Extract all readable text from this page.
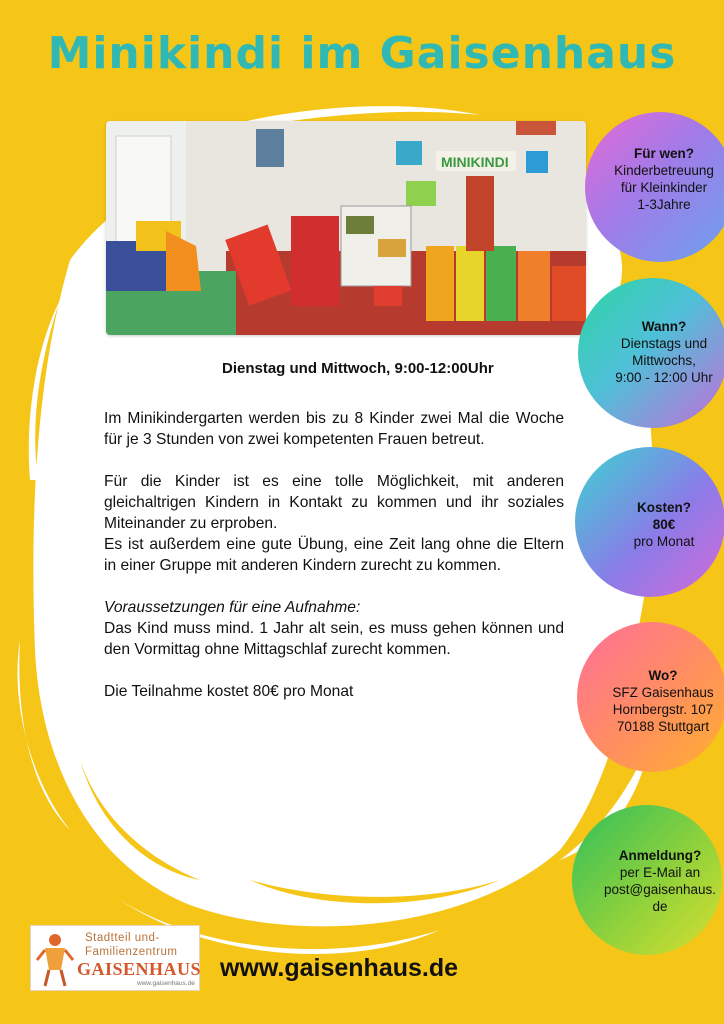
Minikindi im Gaisenhaus
MINIKINDI
Dienstag und Mittwoch, 9:00-12:00Uhr

Im Minikindergarten werden bis zu 8 Kinder zwei Mal die Woche für je 3 Stunden von zwei kompetenten Frauen betreut.

Für die Kinder ist es eine tolle Möglichkeit, mit anderen gleichaltrigen Kindern in Kontakt zu kommen und ihr soziales Miteinander zu erproben.

Es ist außerdem eine gute Übung, eine Zeit lang ohne die Eltern in einer Gruppe mit anderen Kindern zurecht zu kommen.

Voraussetzungen für eine Aufnahme:

Das Kind muss mind. 1 Jahr alt sein, es muss gehen können und den Vormittag ohne Mittagschlaf zurecht kommen.

Die Teilnahme kostet 80€ pro Monat

Für wen?
Kinderbetreuung
für Kleinkinder
1-3Jahre
Wann?
Dienstags und
Mittwochs,
9:00 - 12:00 Uhr
Kosten?
80€
pro Monat
Wo?
SFZ Gaisenhaus
Hornbergstr. 107
70188 Stuttgart
Anmeldung?
per E-Mail an
post@gaisenhaus.
de
Stadtteil und-
Familienzentrum
GAISENHAUS
www.gaisenhaus.de
www.gaisenhaus.de
